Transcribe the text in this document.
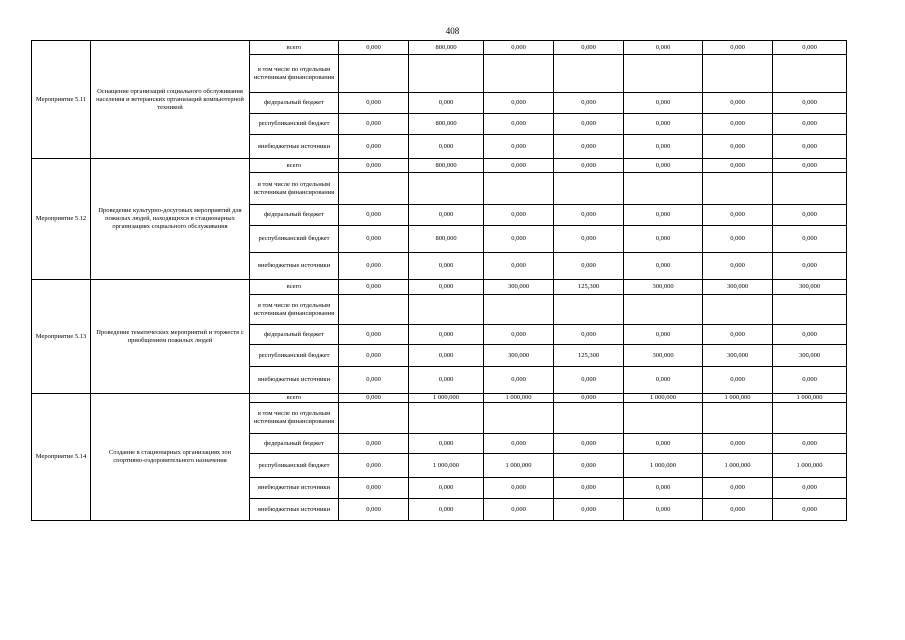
408
Мероприятие 5.11	Оснащение организаций социального обслуживания населения и ветеранских организаций компьютерной техникой	всего	0,000	800,000	0,000	0,000	0,000	0,000	0,000
		в том числе по отдельным источникам финансирования							
		федеральный бюджет	0,000	0,000	0,000	0,000	0,000	0,000	0,000
		республиканский бюджет	0,000	800,000	0,000	0,000	0,000	0,000	0,000
		внебюджетные источники	0,000	0,000	0,000	0,000	0,000	0,000	0,000
Мероприятие 5.12	Проведение культурно-досуговых мероприятий для пожилых людей, находящихся в стационарных организациях социального обслуживания	всего	0,000	800,000	0,000	0,000	0,000	0,000	0,000
		в том числе по отдельным источникам финансирования							
		федеральный бюджет	0,000	0,000	0,000	0,000	0,000	0,000	0,000
		республиканский бюджет	0,000	800,000	0,000	0,000	0,000	0,000	0,000
		внебюджетные источники	0,000	0,000	0,000	0,000	0,000	0,000	0,000
Мероприятие 5.13	Проведение тематических мероприятий и торжеств с приобщением пожилых людей	всего	0,000	0,000	300,000	125,300	300,000	300,000	300,000
		в том числе по отдельным источникам финансирования							
		федеральный бюджет	0,000	0,000	0,000	0,000	0,000	0,000	0,000
		республиканский бюджет	0,000	0,000	300,000	125,300	300,000	300,000	300,000
		внебюджетные источники	0,000	0,000	0,000	0,000	0,000	0,000	0,000
Мероприятие 5.14	Создание в стационарных организациях зон спортивно-оздоровительного назначения	всего	0,000	1 000,000	1 000,000	0,000	1 000,000	1 000,000	1 000,000
		в том числе по отдельным источникам финансирования							
		федеральный бюджет	0,000	0,000	0,000	0,000	0,000	0,000	0,000
		республиканский бюджет	0,000	1 000,000	1 000,000	0,000	1 000,000	1 000,000	1 000,000
		внебюджетные источники	0,000	0,000	0,000	0,000	0,000	0,000	0,000
		внебюджетные источники	0,000	0,000	0,000	0,000	0,000	0,000	0,000
